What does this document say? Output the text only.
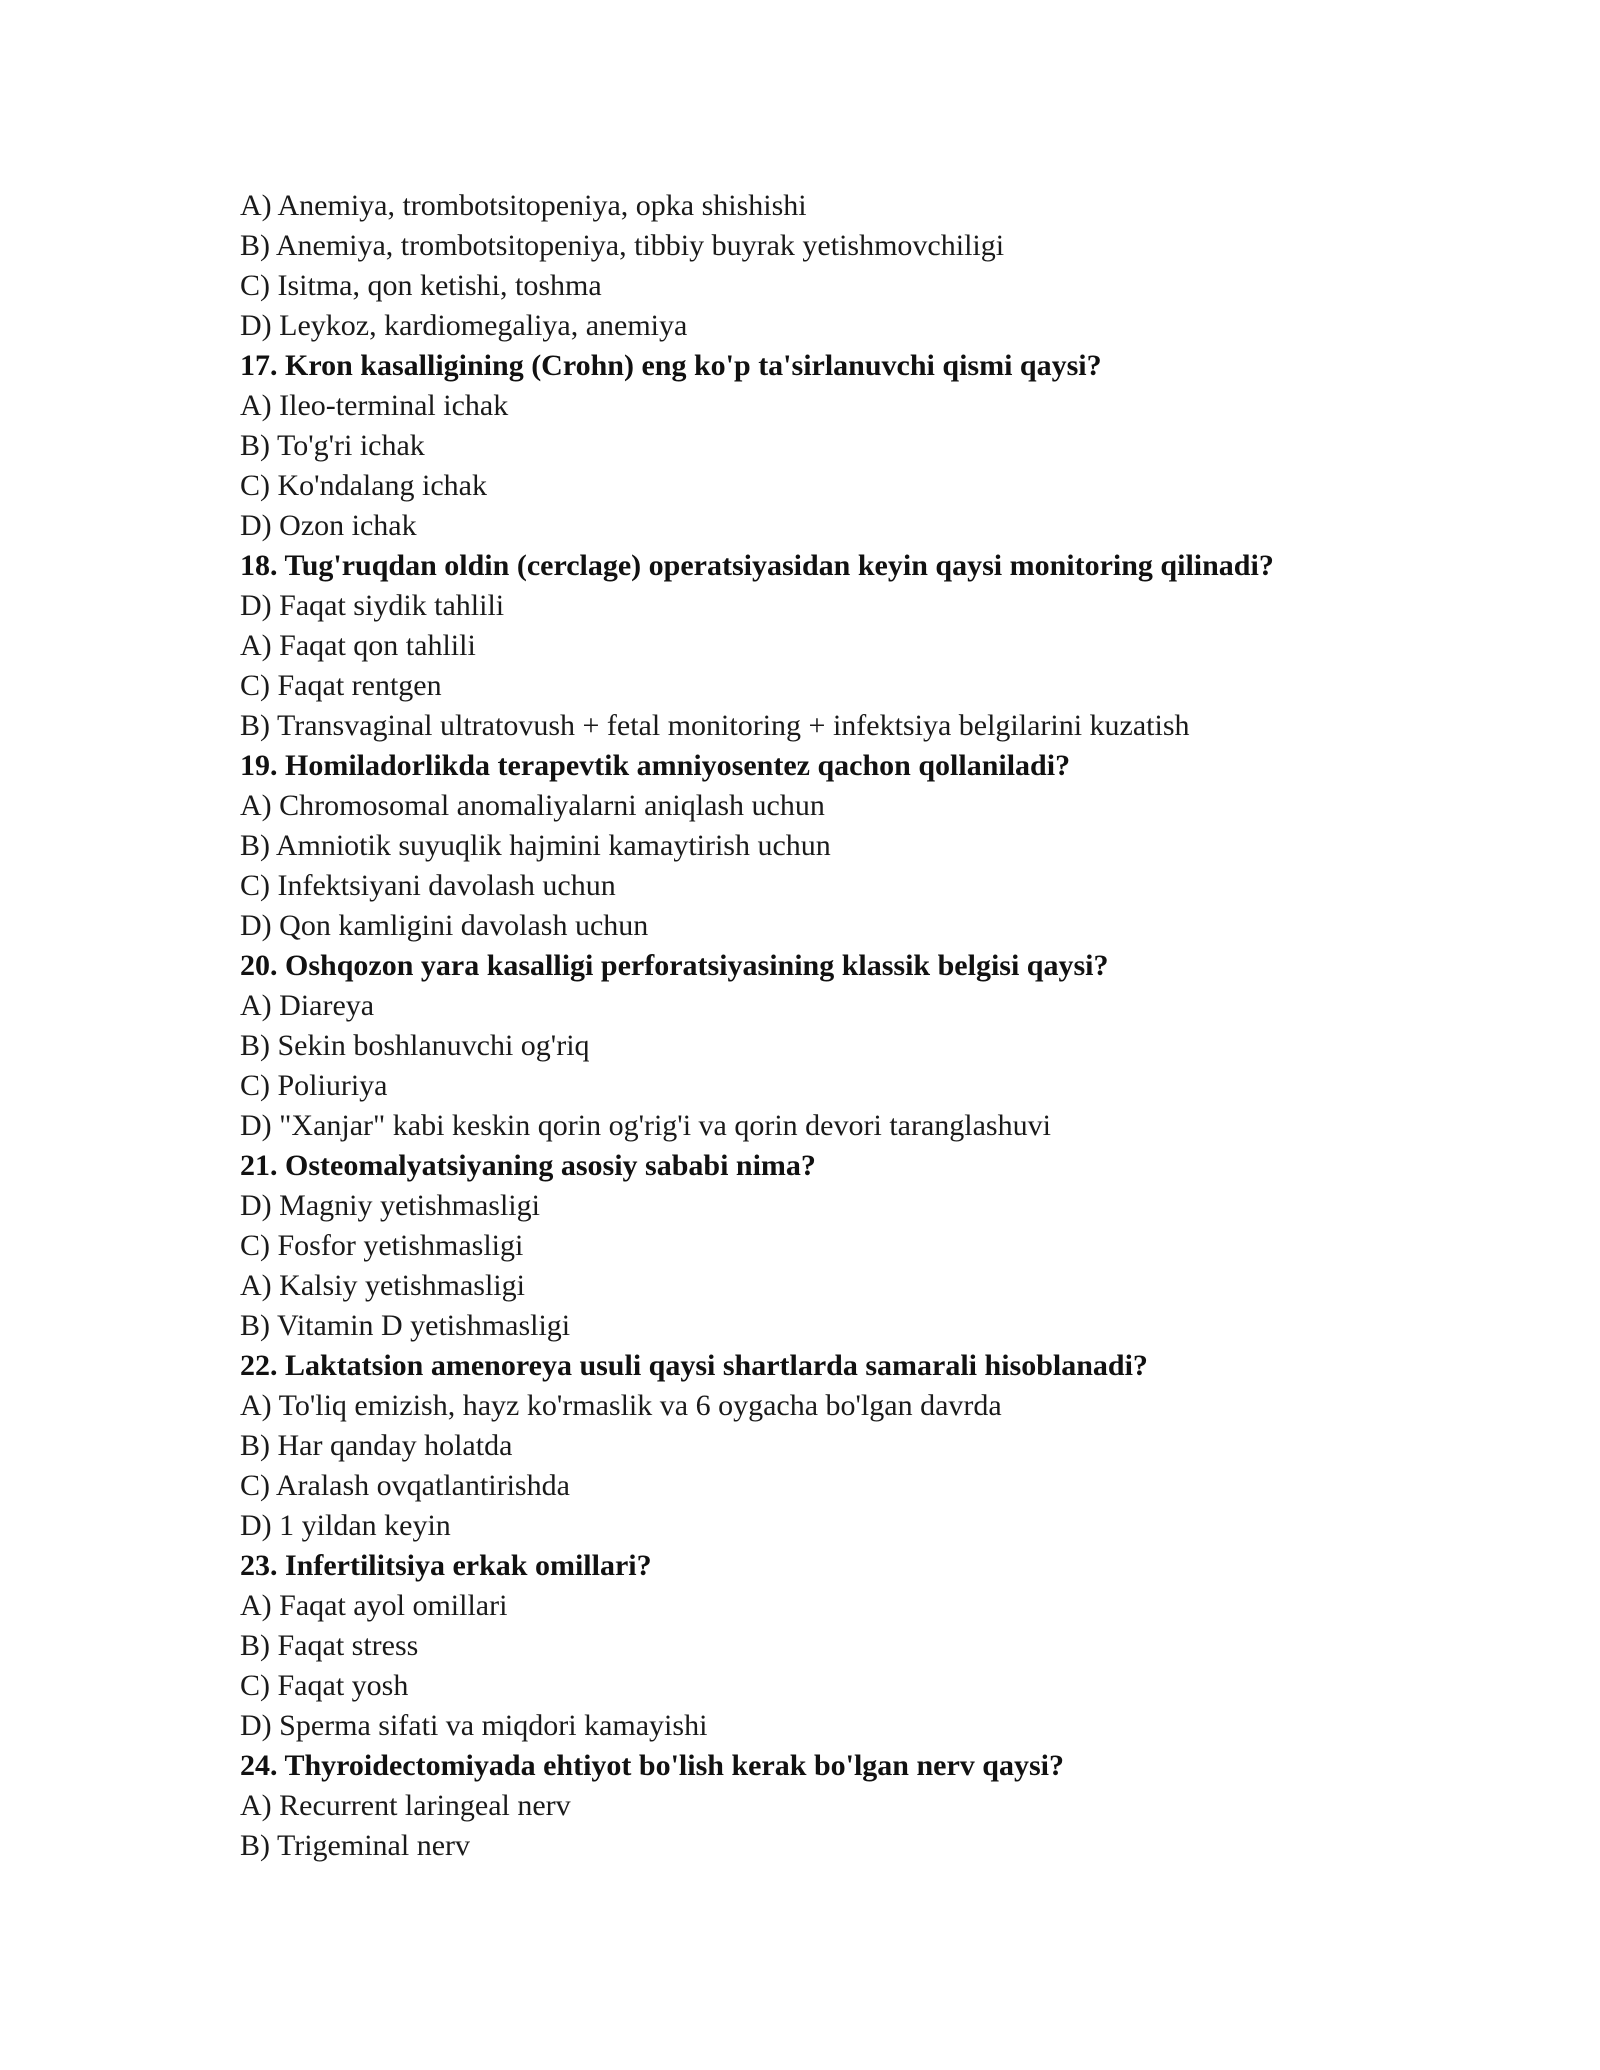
A) Anemiya, trombotsitopeniya, opka shishishi
B) Anemiya, trombotsitopeniya, tibbiy buyrak yetishmovchiligi
C) Isitma, qon ketishi, toshma
D) Leykoz, kardiomegaliya, anemiya
17. Kron kasalligining (Crohn) eng ko'p ta'sirlanuvchi qismi qaysi?
A) Ileo-terminal ichak
B) To'g'ri ichak
C) Ko'ndalang ichak
D) Ozon ichak
18. Tug'ruqdan oldin (cerclage) operatsiyasidan keyin qaysi monitoring qilinadi?
D) Faqat siydik tahlili
A) Faqat qon tahlili
C) Faqat rentgen
B) Transvaginal ultratovush + fetal monitoring + infektsiya belgilarini kuzatish
19. Homiladorlikda terapevtik amniyosentez qachon qollaniladi?
A) Chromosomal anomaliyalarni aniqlash uchun
B) Amniotik suyuqlik hajmini kamaytirish uchun
C) Infektsiyani davolash uchun
D) Qon kamligini davolash uchun
20. Oshqozon yara kasalligi perforatsiyasining klassik belgisi qaysi?
A) Diareya
B) Sekin boshlanuvchi og'riq
C) Poliuriya
D) "Xanjar" kabi keskin qorin og'rig'i va qorin devori taranglashuvi
21. Osteomalyatsiyaning asosiy sababi nima?
D) Magniy yetishmasligi
C) Fosfor yetishmasligi
A) Kalsiy yetishmasligi
B) Vitamin D yetishmasligi
22. Laktatsion amenoreya usuli qaysi shartlarda samarali hisoblanadi?
A) To'liq emizish, hayz ko'rmaslik va 6 oygacha bo'lgan davrda
B) Har qanday holatda
C) Aralash ovqatlantirishda
D) 1 yildan keyin
23. Infertilitsiya erkak omillari?
A) Faqat ayol omillari
B) Faqat stress
C) Faqat yosh
D) Sperma sifati va miqdori kamayishi
24. Thyroidectomiyada ehtiyot bo'lish kerak bo'lgan nerv qaysi?
A) Recurrent laringeal nerv
B) Trigeminal nerv
